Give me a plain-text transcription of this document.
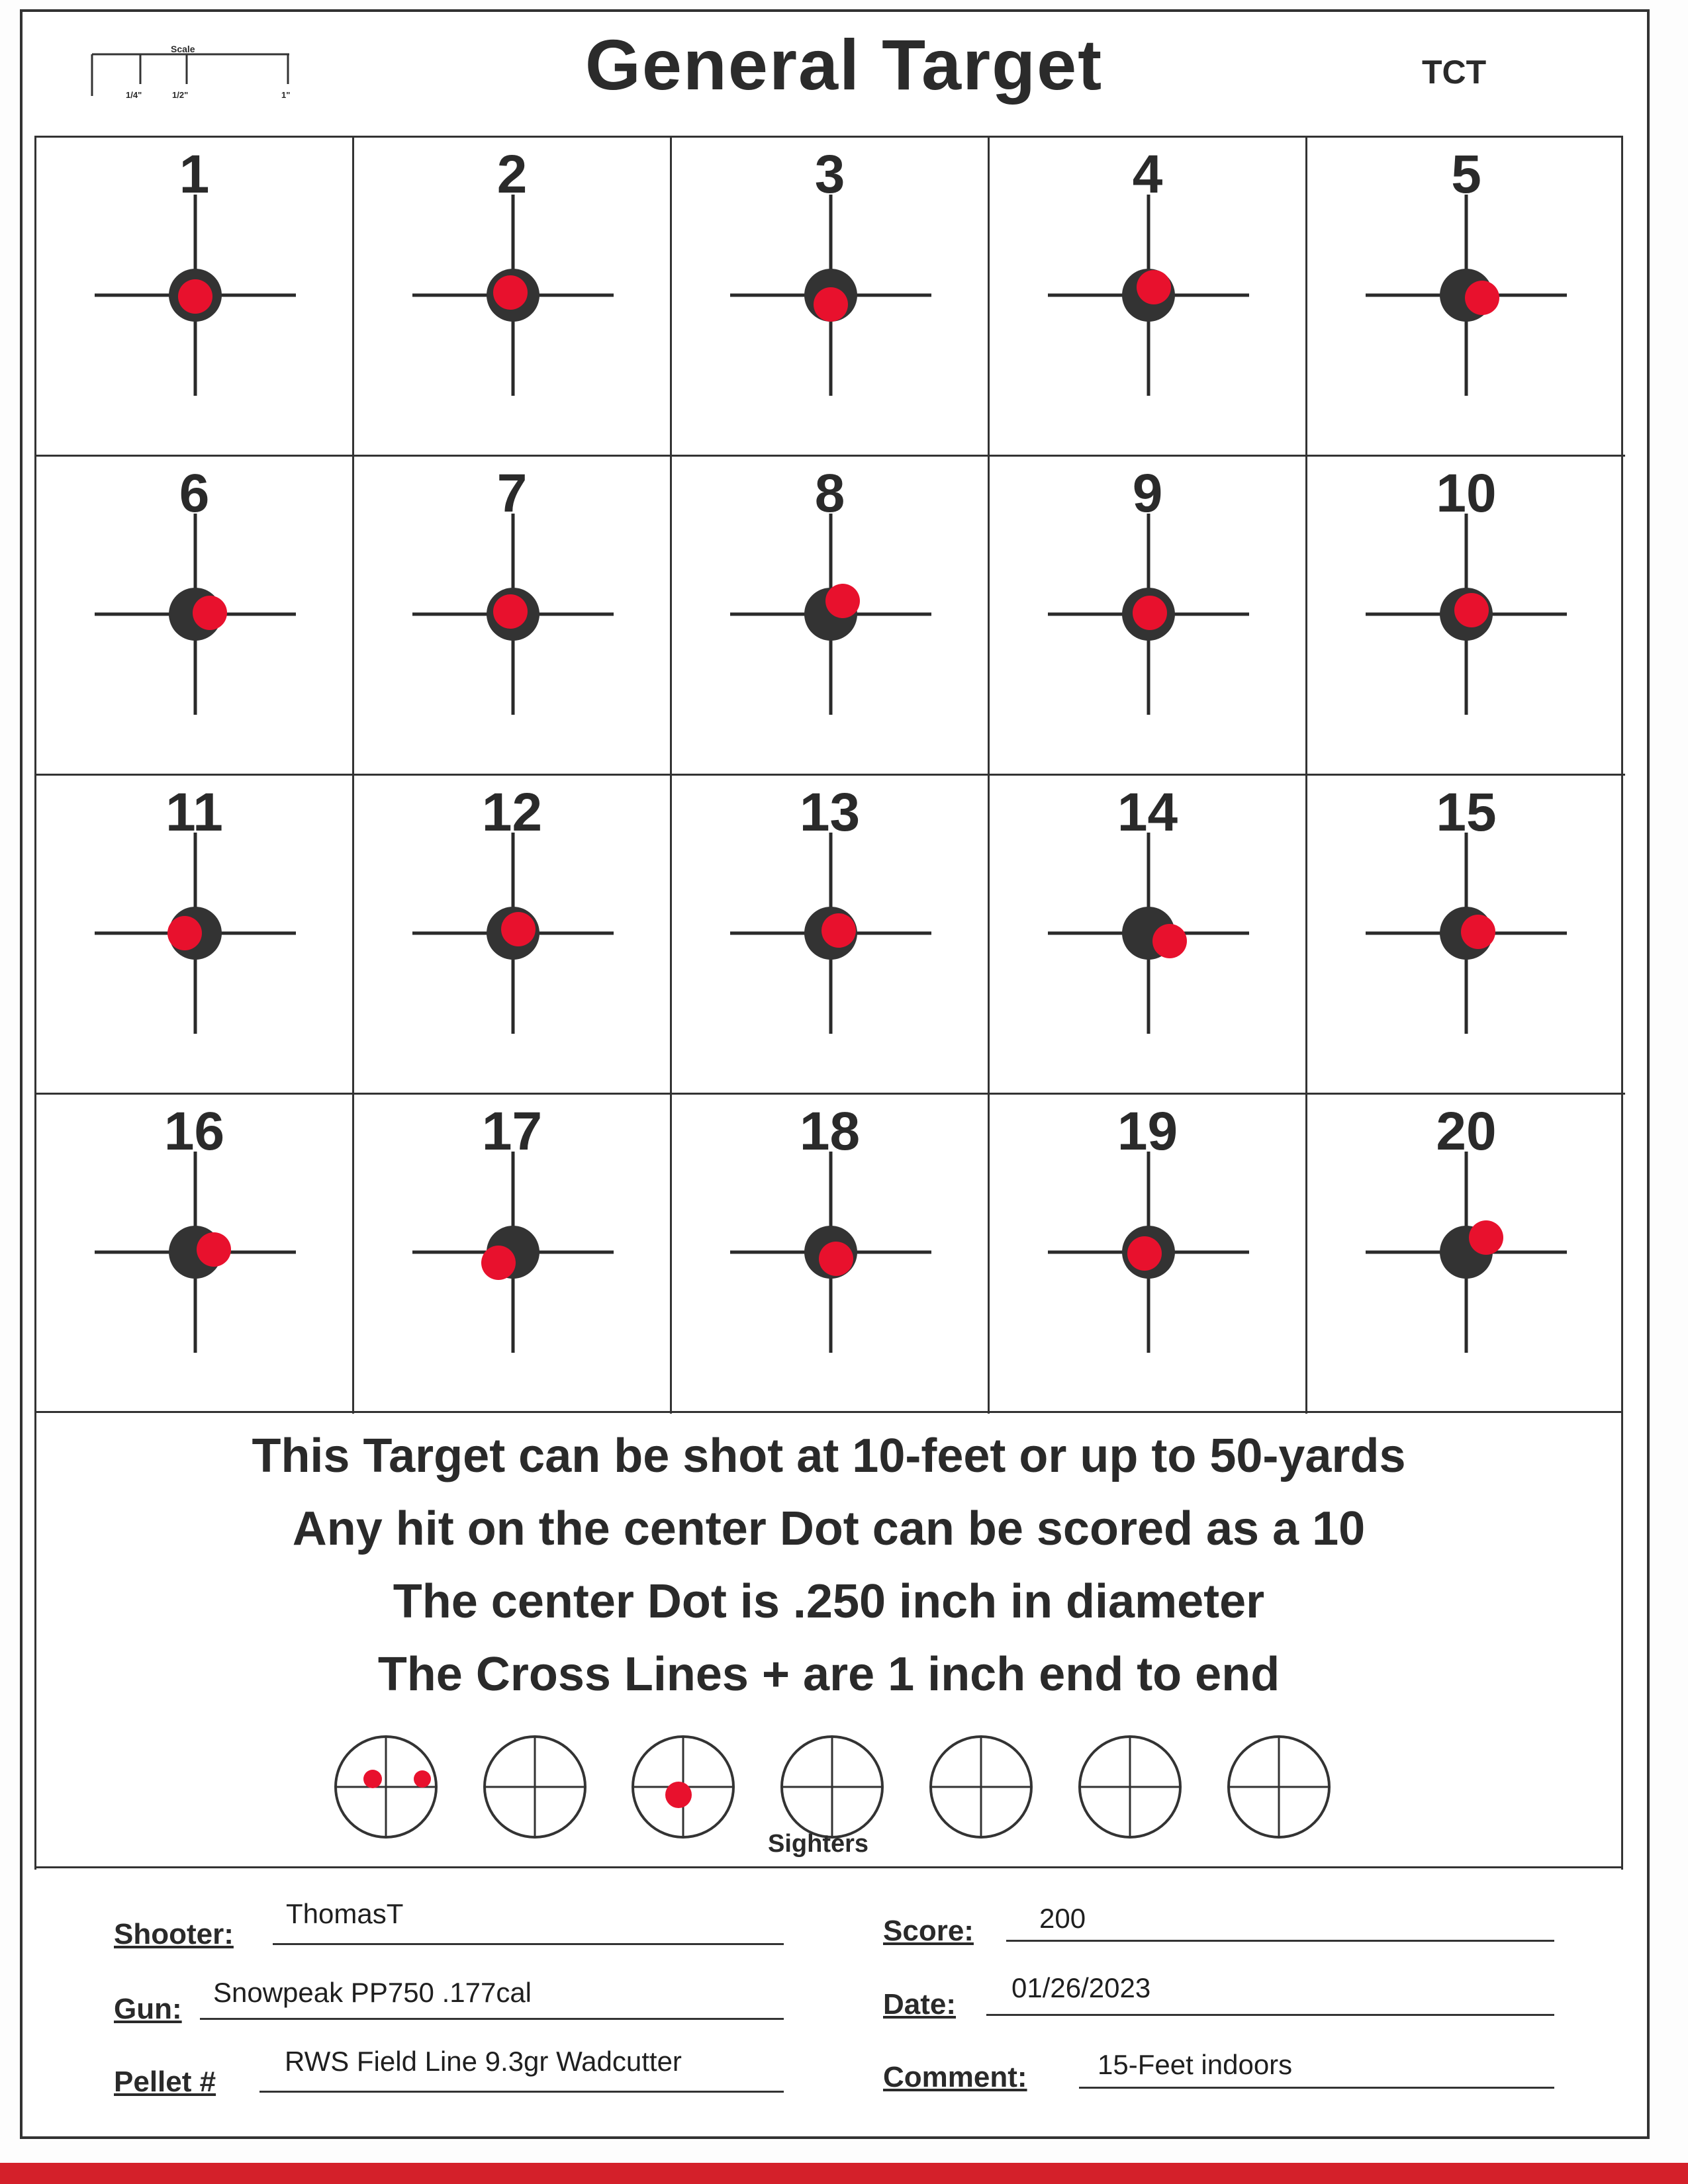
Scale
1/4"	1/2"	1"	General Target	TCT
1	2	3	4	5
6	7	8	9	10
11	12	13	14	15
16	17	18	19	20
This Target can be shot at 10-feet or up to 50-yards
Any hit on the center Dot can be scored as a 10
The center Dot is .250 inch in diameter
The Cross Lines + are 1 inch end to end
Sighters
Shooter:
ThomasT
Gun:
Snowpeak PP750 .177cal
Pellet #
RWS Field Line 9.3gr Wadcutter
Score: 200
Date:
01/26/2023
Comment:	15-Feet indoors
